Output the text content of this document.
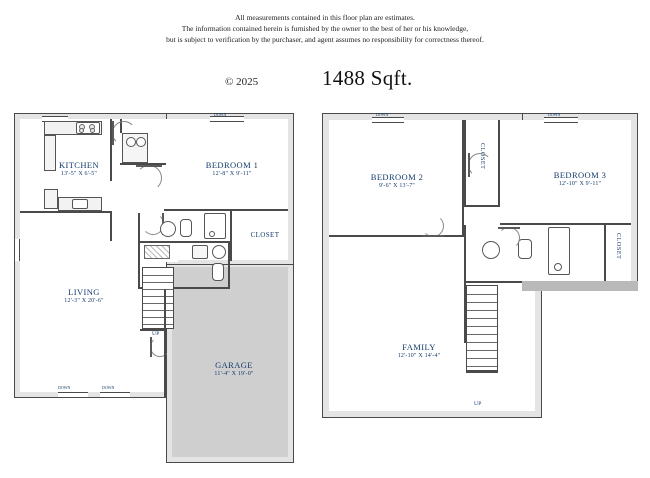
All measurements contained in this floor plan are estimates.
The information contained herein is furnished by the owner to the best of her or his knowledge,
but is subject to verification by the purchaser, and agent assumes no responsibility for correctness thereof.
© 2025	1488 Sqft.
DOWN	DOWN
DOWN
BEDROOM 1
12'-8" X 9'-11"
CLOSET
UP
LIVING
12'-3" X 20'-6"
KITCHEN
13'-5" X 6'-5"
GARAGE
11'-4" X 19'-0"
DOWN	DOWN
BEDROOM 2
9'-6" X 13'-7"
CLOSET
BEDROOM 3
12'-10" X 9'-11"
CLOSET
UP
FAMILY
12'-10" X 14'-4"
